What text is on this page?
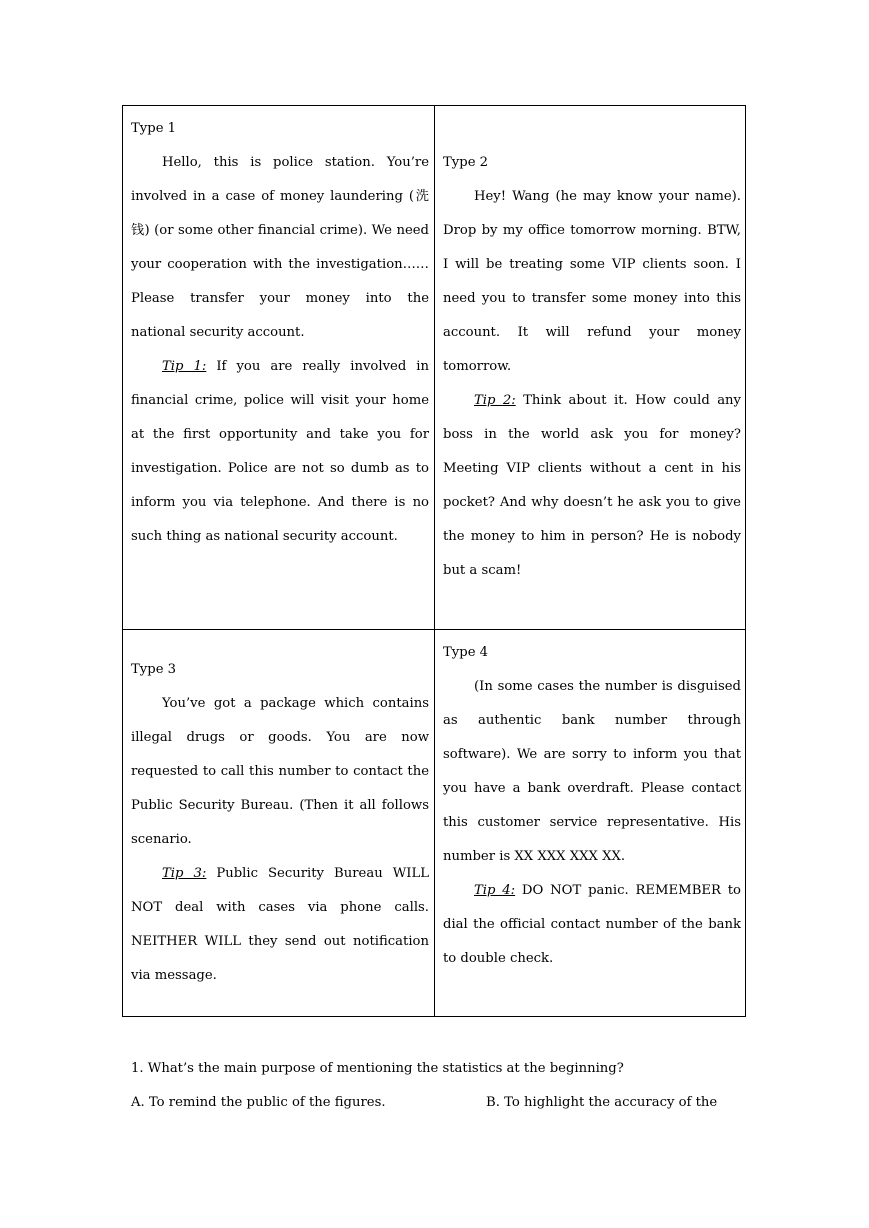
Type 1

Hello, this is police station. You’re involved in a case of money laundering (洗钱) (or some other financial crime). We need your cooperation with the investigation…… Please transfer your money into the national security account.

Tip 1: If you are really involved in financial crime, police will visit your home at the first opportunity and take you for investigation. Police are not so dumb as to inform you via telephone. And there is no such thing as national security account.

Type 2

Hey! Wang (he may know your name). Drop by my office tomorrow morning. BTW, I will be treating some VIP clients soon. I need you to transfer some money into this account. It will refund your money tomorrow.

Tip 2: Think about it. How could any boss in the world ask you for money? Meeting VIP clients without a cent in his pocket? And why doesn’t he ask you to give the money to him in person? He is nobody but a scam!

Type 3

You’ve got a package which contains illegal drugs or goods. You are now requested to call this number to contact the Public Security Bureau. (Then it all follows scenario.

Tip 3: Public Security Bureau WILL NOT deal with cases via phone calls. NEITHER WILL they send out notification via message.

Type 4

(In some cases the number is disguised as authentic bank number through software). We are sorry to inform you that you have a bank overdraft. Please contact this customer service representative. His number is XX XXX XXX XX.

Tip 4: DO NOT panic. REMEMBER to dial the official contact number of the bank to double check.

1. What’s the main purpose of mentioning the statistics at the beginning?
A. To remind the public of the figures.	B. To highlight the accuracy of the
